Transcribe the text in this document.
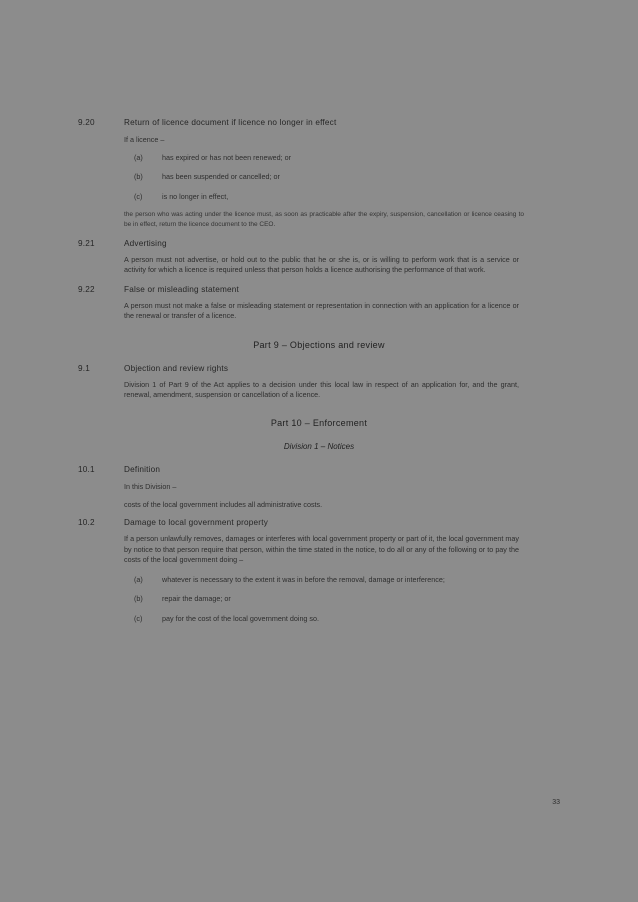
9.20	Return of licence document if licence no longer in effect
If a licence –
(a)	has expired or has not been renewed; or
(b)	has been suspended or cancelled; or
(c)	is no longer in effect,
the person who was acting under the licence must, as soon as practicable after the expiry, suspension, cancellation or licence ceasing to be in effect, return the licence document to the CEO.
9.21	Advertising
A person must not advertise, or hold out to the public that he or she is, or is willing to perform work that is a service or activity for which a licence is required unless that person holds a licence authorising the performance of that work.
9.22	False or misleading statement
A person must not make a false or misleading statement or representation in connection with an application for a licence or the renewal or transfer of a licence.
Part 9 – Objections and review
9.1	Objection and review rights
Division 1 of Part 9 of the Act applies to a decision under this local law in respect of an application for, and the grant, renewal, amendment, suspension or cancellation of a licence.
Part 10 – Enforcement
Division 1 – Notices
10.1	Definition
In this Division –
costs of the local government includes all administrative costs.
10.2	Damage to local government property
If a person unlawfully removes, damages or interferes with local government property or part of it, the local government may by notice to that person require that person, within the time stated in the notice, to do all or any of the following or to pay the costs of the local government doing –
(a)	whatever is necessary to the extent it was in before the removal, damage or interference;
(b)	repair the damage; or
(c)	pay for the cost of the local government doing so.
33
